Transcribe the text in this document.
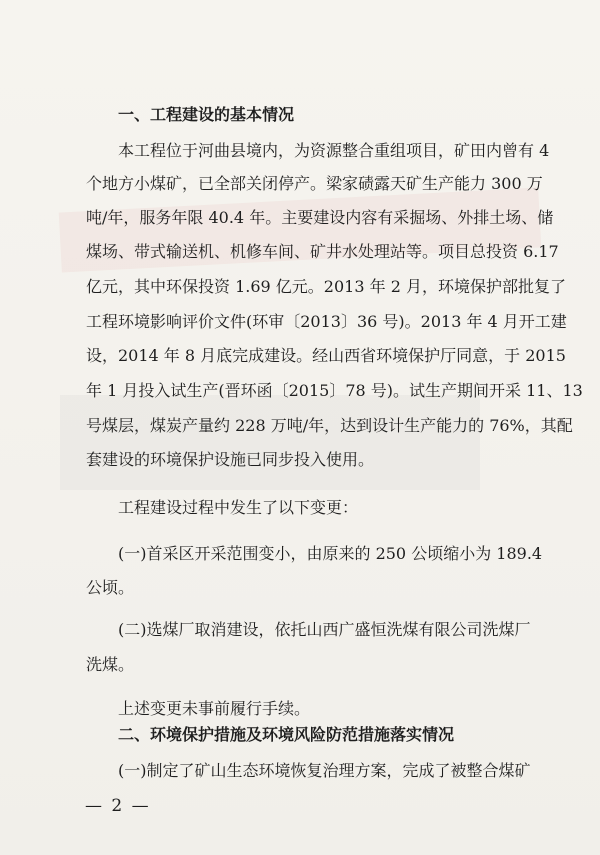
一、工程建设的基本情况
本工程位于河曲县境内，为资源整合重组项目，矿田内曾有 4
个地方小煤矿，已全部关闭停产。梁家碛露天矿生产能力 300 万
吨/年，服务年限 40.4 年。主要建设内容有采掘场、外排土场、储
煤场、带式输送机、机修车间、矿井水处理站等。项目总投资 6.17
亿元，其中环保投资 1.69 亿元。2013 年 2 月，环境保护部批复了
工程环境影响评价文件(环审〔2013〕36 号)。2013 年 4 月开工建
设，2014 年 8 月底完成建设。经山西省环境保护厅同意，于 2015
年 1 月投入试生产(晋环函〔2015〕78 号)。试生产期间开采 11、13
号煤层，煤炭产量约 228 万吨/年，达到设计生产能力的 76%，其配
套建设的环境保护设施已同步投入使用。
工程建设过程中发生了以下变更：
(一)首采区开采范围变小，由原来的 250 公顷缩小为 189.4
公顷。
(二)选煤厂取消建设，依托山西广盛恒洗煤有限公司洗煤厂
洗煤。
上述变更未事前履行手续。
二、环境保护措施及环境风险防范措施落实情况
(一)制定了矿山生态环境恢复治理方案，完成了被整合煤矿
— 2 —
